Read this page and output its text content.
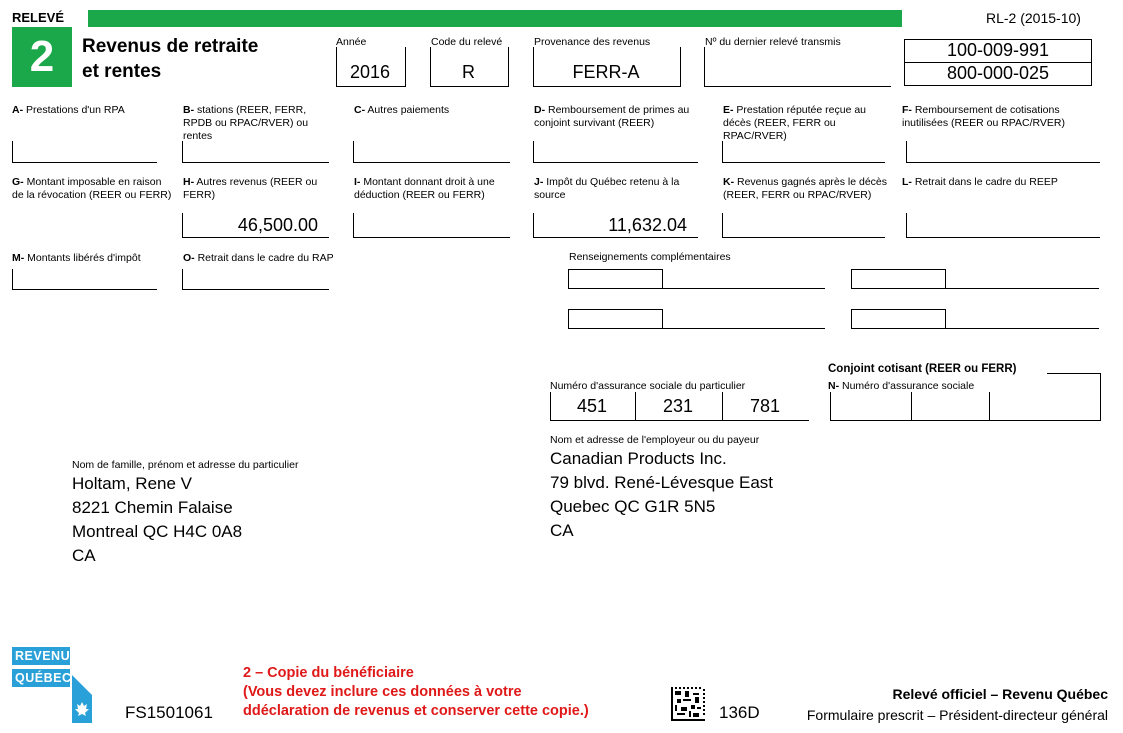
RELEVÉ	RL-2 (2015-10)
2	Revenus de retraite
et rentes
Année
2016
Code du relevé
R
Provenance des revenus
FERR-A
Nº du dernier relevé transmis	100-009-991
800-000-025
A- Prestations d'un RPA	B- stations (REER, FERR, RPDB ou RPAC/RVER) ou rentes
C- Autres paiements	D- Remboursement de primes au conjoint survivant (REER)
E- Prestation réputée reçue au décès (REER, FERR ou RPAC/RVER)
F- Remboursement de cotisations inutilisées (REER ou RPAC/RVER)
G- Montant imposable en raison de la révocation (REER ou FERR)
H- Autres revenus (REER ou FERR)
46,500.00
I- Montant donnant droit à une déduction (REER ou FERR)
J- Impôt du Québec retenu à la source
11,632.04
K- Revenus gagnés après le décès (REER, FERR ou RPAC/RVER)
L- Retrait dans le cadre du REEP
M- Montants libérés d'impôt	O- Retrait dans le cadre du RAP	Renseignements complémentaires
Numéro d'assurance sociale du particulier
451	231	781
Conjoint cotisant (REER ou FERR)
N- Numéro d'assurance sociale
Nom et adresse de l'employeur ou du payeur
Canadian Products Inc.
79 blvd. René-Lévesque East
Quebec QC G1R 5N5
CA
Nom de famille, prénom et adresse du particulier
Holtam, Rene V
8221 Chemin Falaise
Montreal QC H4C 0A8
CA
REVENU
QUÉBEC
FS1501061
2 – Copie du bénéficiaire
(Vous devez inclure ces données à votre
ddéclaration de revenus et conserver cette copie.)	136D
Relevé officiel – Revenu Québec
Formulaire prescrit – Président-directeur général
